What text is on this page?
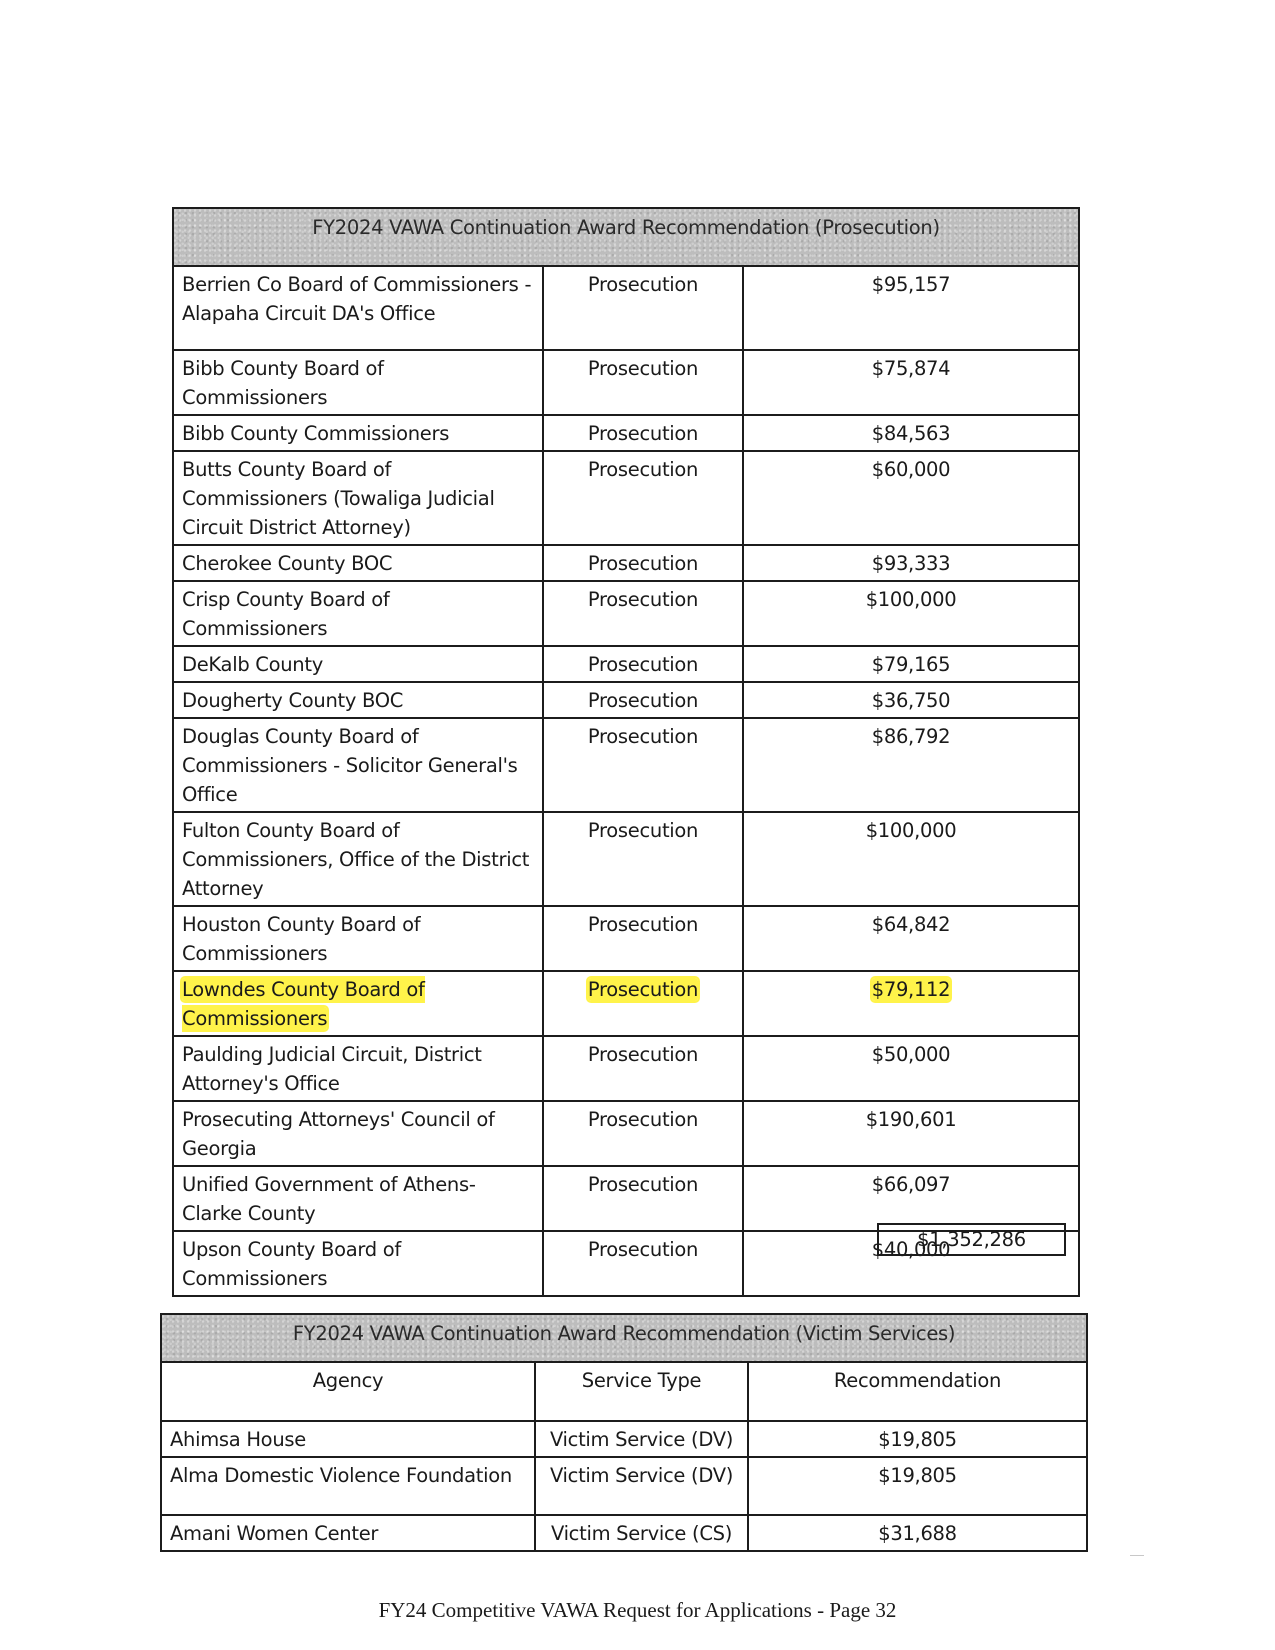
FY2024 VAWA Continuation Award Recommendation (Prosecution)		
Berrien Co Board of Commissioners - Alapaha Circuit DA's Office	Prosecution	$95,157
Bibb County Board of Commissioners	Prosecution	$75,874
Bibb County Commissioners	Prosecution	$84,563
Butts County Board of Commissioners (Towaliga Judicial Circuit District Attorney)	Prosecution	$60,000
Cherokee County BOC	Prosecution	$93,333
Crisp County Board of Commissioners	Prosecution	$100,000
DeKalb County	Prosecution	$79,165
Dougherty County BOC	Prosecution	$36,750
Douglas County Board of Commissioners - Solicitor General's Office	Prosecution	$86,792
Fulton County Board of Commissioners, Office of the District Attorney	Prosecution	$100,000
Houston County Board of Commissioners	Prosecution	$64,842
Lowndes County Board of Commissioners	Prosecution	$79,112
Paulding Judicial Circuit, District Attorney's Office	Prosecution	$50,000
Prosecuting Attorneys' Council of Georgia	Prosecution	$190,601
Unified Government of Athens-Clarke County	Prosecution	$66,097
Upson County Board of Commissioners	Prosecution	$40,000
$1,352,286
FY2024 VAWA Continuation Award Recommendation (Victim Services)		
Agency	Service Type	Recommendation
Ahimsa House	Victim Service (DV)	$19,805
Alma Domestic Violence Foundation	Victim Service (DV)	$19,805
Amani Women Center	Victim Service (CS)	$31,688
FY24 Competitive VAWA Request for Applications - Page 32
